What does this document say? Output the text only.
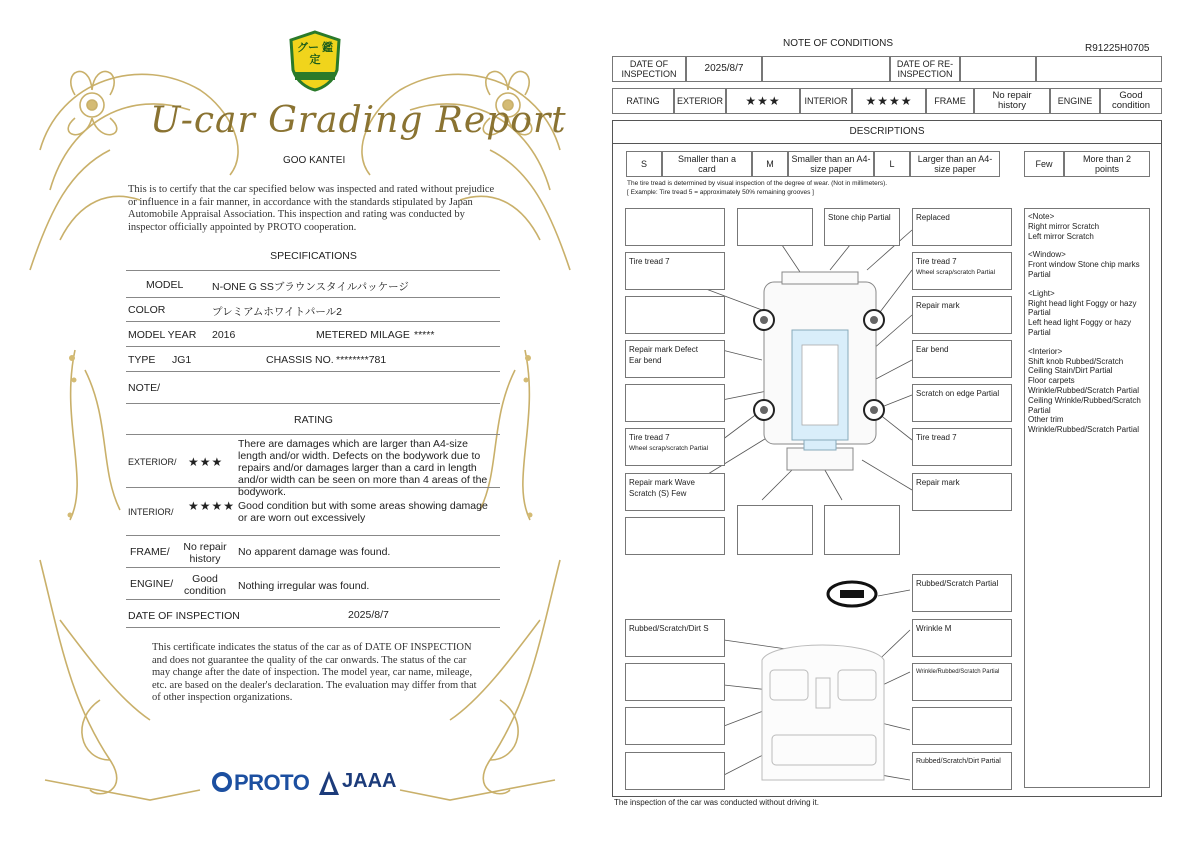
グー 鑑定
U-car Grading Report
GOO KANTEI
This is to certify that the car specified below was inspected and rated without prejudice or influence in a fair manner, in accordance with the standards stipulated by Japan Automobile Appraisal Association. This inspection and rating was conducted by inspector officially appointed by PROTO cooperation.
SPECIFICATIONS
MODEL	N-ONE G SSブラウンスタイルパッケージ
COLOR	プレミアムホワイトパール2
MODEL YEAR 2016	METERED MILAGE *****
TYPE JG1	CHASSIS NO. ********781
NOTE/
RATING
EXTERIOR/ ★★★
There are damages which are larger than A4-size length and/or width. Defects on the bodywork due to repairs and/or damages larger than a card in length and/or width can be seen on more than 4 areas of the bodywork.
INTERIOR/ ★★★★ Good condition but with some areas showing damage or are worn out excessively
FRAME/	No repair history
No apparent damage was found.
ENGINE/	Good condition	Nothing irregular was found.
DATE OF INSPECTION	2025/8/7
This certificate indicates the status of the car as of DATE OF INSPECTION and does not guarantee the quality of the car onwards. The status of the car may change after the date of inspection. The model year, car name, mileage, etc. are based on the dealer's declaration. The evaluation may differ from that of other inspection organizations.
PROTO JAAA
NOTE OF CONDITIONS	R91225H0705
DATE OF INSPECTION	2025/8/7	DATE OF RE-INSPECTION
RATING	EXTERIOR	★★★	INTERIOR	★★★★	FRAME	No repair history	ENGINE	Good condition
DESCRIPTIONS
S	Smaller than a card	M	Smaller than an A4-size paper	L	Larger than an A4-size paper	Few	More than 2 points
The tire tread is determined by visual inspection of the degree of wear. (Not in millimeters).
[ Example: Tire tread 5 = approximately 50% remaining grooves ]
Stone chip Partial	Replaced
Tire tread 7	Tire tread 7
Wheel scrap/scratch Partial
Repair mark
Repair mark Defect
Ear bend
Ear bend
Scratch on edge Partial
Tire tread 7
Wheel scrap/scratch Partial
Tire tread 7
Repair mark Wave
Scratch (S) Few
Repair mark
Rubbed/Scratch Partial
Rubbed/Scratch/Dirt S	Wrinkle M
Wrinkle/Rubbed/Scratch Partial
Rubbed/Scratch/Dirt Partial
<Note>
Right mirror Scratch
Left mirror Scratch
<Window>
Front window Stone chip marks Partial
<Light>
Right head light Foggy or hazy Partial
Left head light Foggy or hazy Partial
<Interior>
Shift knob Rubbed/Scratch
Ceiling Stain/Dirt Partial
Floor carpets Wrinkle/Rubbed/Scratch Partial
Ceiling Wrinkle/Rubbed/Scratch Partial
Other trim Wrinkle/Rubbed/Scratch Partial
The inspection of the car was conducted without driving it.
